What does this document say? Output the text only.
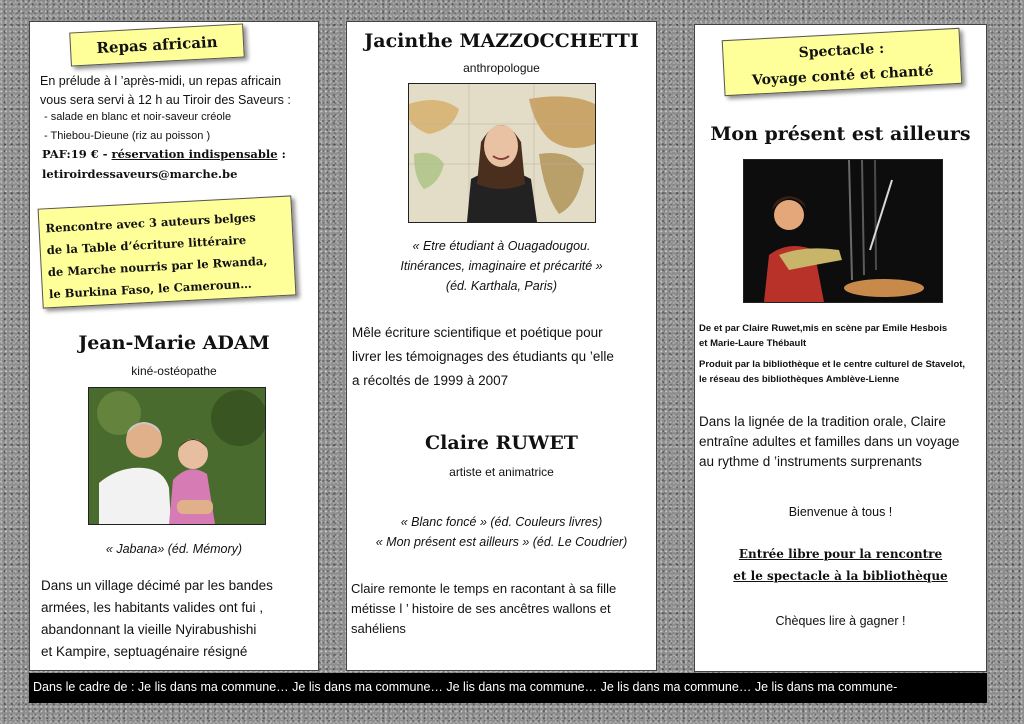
Repas africain
En prélude à l ’après-midi, un repas africain
vous sera servi à 12 h au Tiroir des Saveurs :
- salade en blanc et noir-saveur créole
- Thiebou-Dieune (riz au poisson )
PAF:19 € - réservation indispensable :
letiroirdessaveurs@marche.be
Rencontre avec 3 auteurs belges
de la Table d’écriture littéraire
de Marche nourris par le Rwanda,
le Burkina Faso, le Cameroun…
Jean-Marie ADAM
kiné-ostéopathe
« Jabana» (éd. Mémory)
Dans un village décimé par les bandes
armées, les habitants valides ont fui ,
abandonnant la vieille Nyirabushishi
et Kampire, septuagénaire résigné
Jacinthe MAZZOCCHETTI
anthropologue
« Etre étudiant à Ouagadougou.
Itinérances, imaginaire et précarité »
(éd. Karthala, Paris)
Mêle écriture scientifique et poétique pour
livrer les témoignages des étudiants qu ’elle
a récoltés de 1999 à 2007
Claire RUWET
artiste et animatrice
« Blanc foncé » (éd. Couleurs livres)
« Mon présent est ailleurs » (éd. Le Coudrier)
Claire remonte le temps en racontant à sa fille
métisse l ’ histoire de ses ancêtres wallons et
sahéliens
Spectacle :
Voyage conté et chanté
Mon présent est ailleurs
De et par Claire Ruwet,mis en scène par Emile Hesbois
et Marie-Laure Thébault
Produit par la bibliothèque et le centre culturel de Stavelot,
le réseau des bibliothèques Amblève-Lienne
Dans la lignée de la tradition orale, Claire
entraîne adultes et familles dans un voyage
au rythme d ’instruments surprenants
Bienvenue à tous !
Entrée libre pour la rencontre
et le spectacle à la bibliothèque
Chèques lire à gagner !
Dans le cadre de : Je lis dans ma commune… Je lis dans ma commune… Je lis dans ma commune… Je lis dans ma commune… Je lis dans ma commune-
